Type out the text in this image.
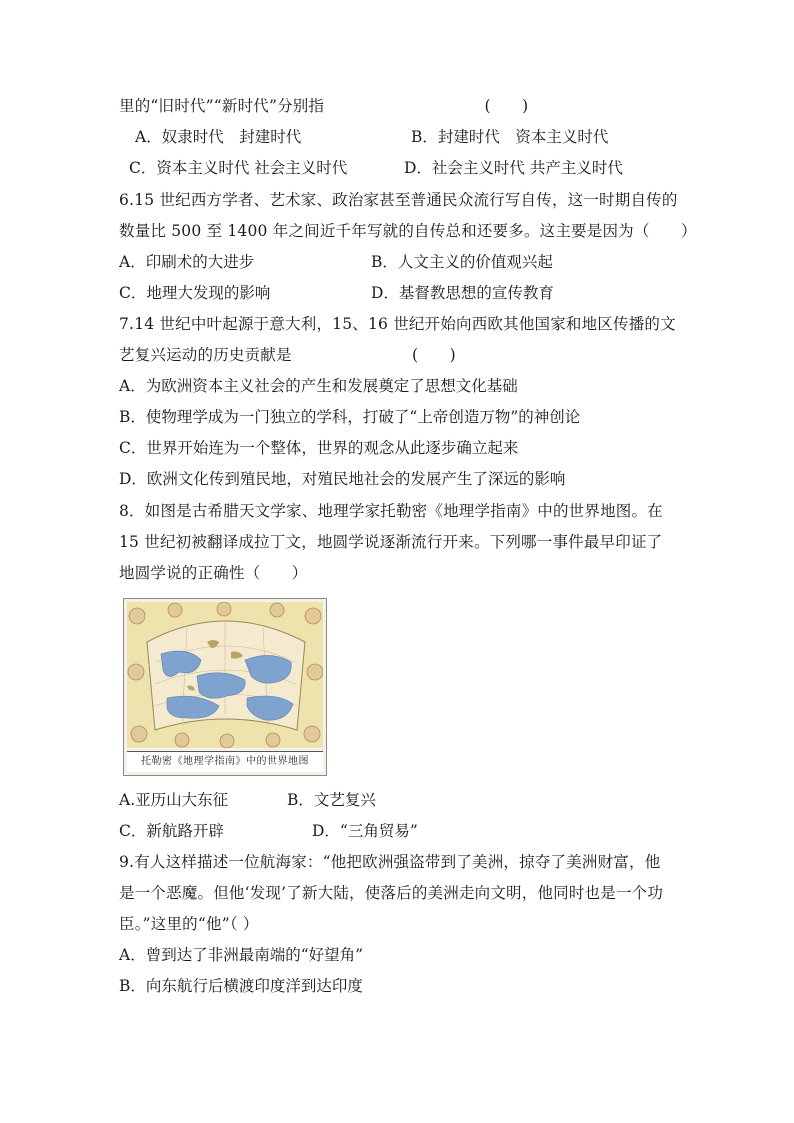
里的“旧时代”“新时代”分别指	(　　)
A．奴隶时代　封建时代	B．封建时代　资本主义时代
C．资本主义时代 社会主义时代	D．社会主义时代 共产主义时代
6.15 世纪西方学者、艺术家、政治家甚至普通民众流行写自传，这一时期自传的
数量比 500 至 1400 年之间近千年写就的自传总和还要多。这主要是因为（　　）
A．印刷术的大进步	B．人文主义的价值观兴起
C．地理大发现的影响	D．基督教思想的宣传教育
7.14 世纪中叶起源于意大利，15、16 世纪开始向西欧其他国家和地区传播的文
艺复兴运动的历史贡献是	(　　)
A．为欧洲资本主义社会的产生和发展奠定了思想文化基础
B．使物理学成为一门独立的学科，打破了“上帝创造万物”的神创论
C．世界开始连为一个整体，世界的观念从此逐步确立起来
D．欧洲文化传到殖民地，对殖民地社会的发展产生了深远的影响
8．如图是古希腊天文学家、地理学家托勒密《地理学指南》中的世界地图。在
15 世纪初被翻译成拉丁文，地圆学说逐渐流行开来。下列哪一事件最早印证了
地圆学说的正确性（　　）
托勒密《地理学指南》中的世界地图
A.亚历山大东征	B．文艺复兴
C．新航路开辟	D．“三角贸易”
9.有人这样描述一位航海家：“他把欧洲强盗带到了美洲，掠夺了美洲财富，他
是一个恶魔。但他‘发现’了新大陆，使落后的美洲走向文明，他同时也是一个功
臣。”这里的“他”（ ）
A．曾到达了非洲最南端的“好望角”
B．向东航行后横渡印度洋到达印度
